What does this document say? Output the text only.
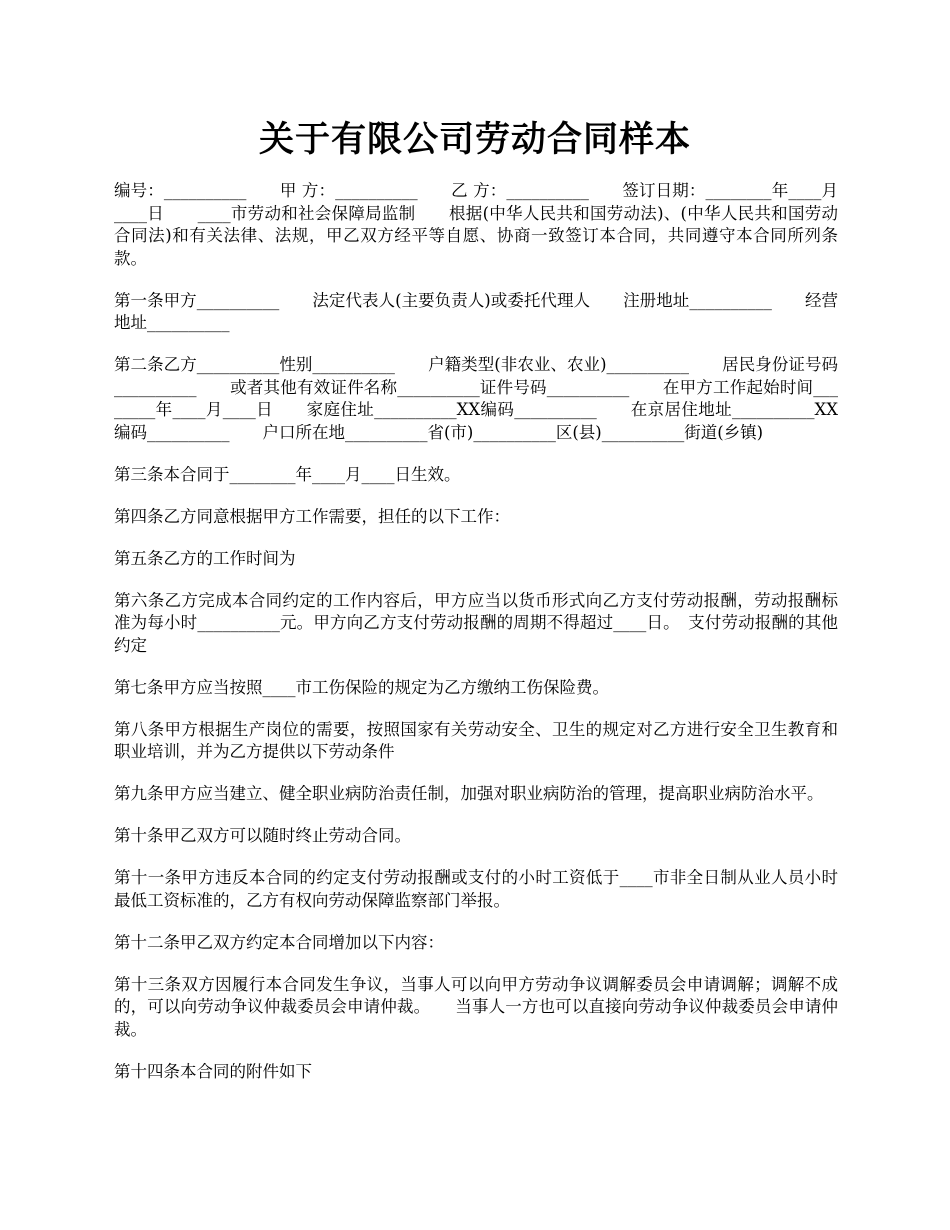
关于有限公司劳动合同样本

编号：__________　　甲 方：__________　　乙 方：__________　　签订日期：________年____月____日　　____市劳动和社会保障局监制　　根据(中华人民共和国劳动法)、(中华人民共和国劳动合同法)和有关法律、法规，甲乙双方经平等自愿、协商一致签订本合同，共同遵守本合同所列条款。

第一条甲方__________　　法定代表人(主要负责人)或委托代理人　　注册地址__________　　经营地址__________

第二条乙方__________性别__________　　户籍类型(非农业、农业)__________　　居民身份证号码__________　　或者其他有效证件名称__________证件号码__________　　在甲方工作起始时间________年____月____日　　家庭住址__________XX编码__________　　在京居住地址__________XX编码__________　　户口所在地__________省(市)__________区(县)__________街道(乡镇)

第三条本合同于________年____月____日生效。

第四条乙方同意根据甲方工作需要，担任的以下工作：

第五条乙方的工作时间为

第六条乙方完成本合同约定的工作内容后，甲方应当以货币形式向乙方支付劳动报酬，劳动报酬标准为每小时__________元。甲方向乙方支付劳动报酬的周期不得超过____日。　支付劳动报酬的其他约定

第七条甲方应当按照____市工伤保险的规定为乙方缴纳工伤保险费。

第八条甲方根据生产岗位的需要，按照国家有关劳动安全、卫生的规定对乙方进行安全卫生教育和职业培训，并为乙方提供以下劳动条件

第九条甲方应当建立、健全职业病防治责任制，加强对职业病防治的管理，提高职业病防治水平。

第十条甲乙双方可以随时终止劳动合同。

第十一条甲方违反本合同的约定支付劳动报酬或支付的小时工资低于____市非全日制从业人员小时最低工资标准的，乙方有权向劳动保障监察部门举报。

第十二条甲乙双方约定本合同增加以下内容：

第十三条双方因履行本合同发生争议，当事人可以向甲方劳动争议调解委员会申请调解；调解不成的，可以向劳动争议仲裁委员会申请仲裁。　　当事人一方也可以直接向劳动争议仲裁委员会申请仲裁。

第十四条本合同的附件如下
